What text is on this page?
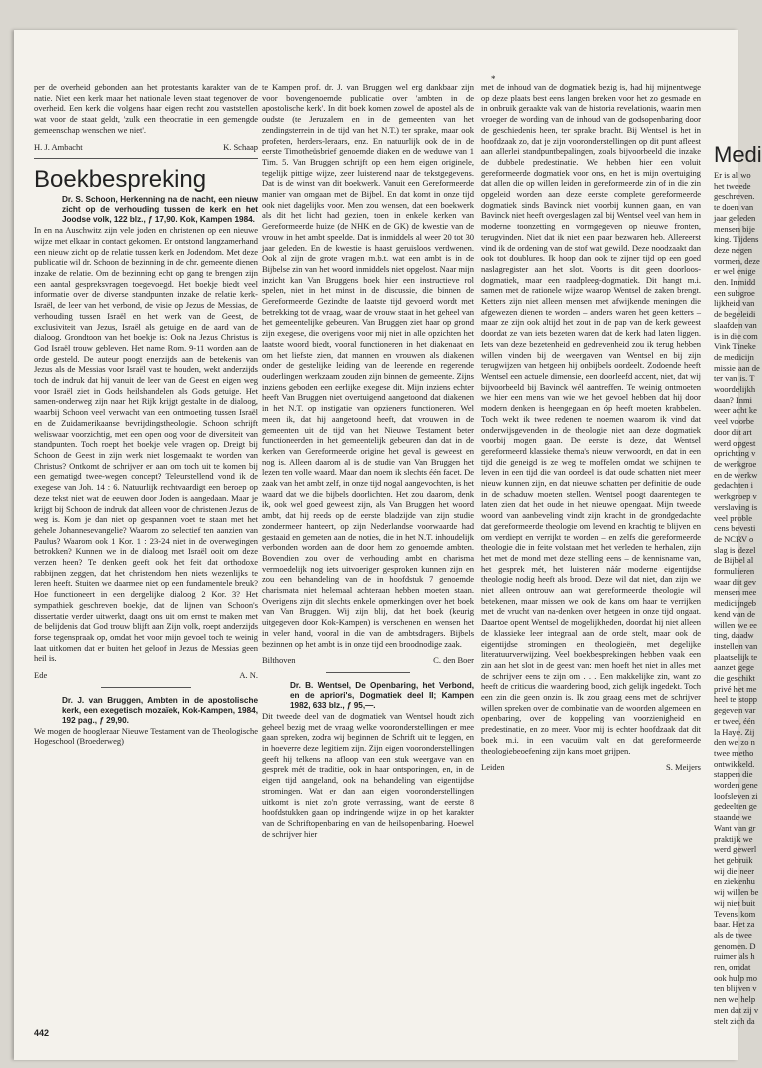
*

per de overheid gebonden aan het protestants karakter van de natie. Niet een kerk maar het nationale leven staat tegenover de overheid. Een kerk die volgens haar eigen recht zou vaststellen wat voor de staat geldt, 'zulk een theocratie in een gemengde gemeenschap wenschen we niet'.

H. J. Ambacht	K. Schaap
Boekbespreking

Dr. S. Schoon, Herkenning na de nacht, een nieuw zicht op de verhouding tussen de kerk en het Joodse volk, 122 blz., ƒ 17,90. Kok, Kampen 1984.

In en na Auschwitz zijn vele joden en christenen op een nieuwe wijze met elkaar in contact gekomen. Er ontstond langzamerhand een nieuw zicht op de relatie tussen kerk en Jodendom. Met deze publicatie wil dr. Schoon de bezinning in de chr. gemeente dienen inzake de relatie. Om de bezinning echt op gang te brengen zijn een aantal gespreksvragen toegevoegd. Het boekje biedt veel informatie over de diverse standpunten inzake de relatie kerk-Israël, de leer van het verbond, de visie op Jezus de Messias, de verhouding tussen Israël en het werk van de Geest, de exclusiviteit van Jezus, Israël als getuige en de aard van de dialoog. Grondtoon van het boekje is: Ook na Jezus Christus is God Israël trouw gebleven. Het name Rom. 9-11 worden aan de orde gesteld. De auteur poogt enerzijds aan de betekenis van Jezus als de Messias voor Israël vast te houden, wekt anderzijds toch de indruk dat hij vanuit de leer van de Geest en eigen weg voor Israël ziet in Gods heilshandelen als Gods getuige. Het samen-onderweg zijn naar het Rijk krijgt gestalte in de dialoog, waarbij Schoon veel verwacht van een ontmoeting tussen Israël en de Zuidamerikaanse bevrijdingstheologie. Schoon schrijft weliswaar voorzichtig, met een open oog voor de diversiteit van standpunten. Toch roept het boekje vele vragen op. Dreigt bij Schoon de Geest in zijn werk niet losgemaakt te worden van Christus? Ontkomt de schrijver er aan om toch uit te komen bij een gematigd twee-wegen concept? Teleurstellend vond ik de exegese van Joh. 14 : 6. Natuurlijk rechtvaardigt een beroep op deze tekst niet wat de eeuwen door Joden is aangedaan. Maar je krijgt bij Schoon de indruk dat alleen voor de christenen Jezus de weg is. Kom je dan niet op gespannen voet te staan met het gehele Johannesevangelie? Waarom zo selectief ten aanzien van Paulus? Waarom ook 1 Kor. 1 : 23-24 niet in de overwegingen betrokken? Kunnen we in de dialoog met Israël ooit om deze verzen heen? Te denken geeft ook het feit dat orthodoxe rabbijnen zeggen, dat het christendom hen niets wezenlijks te leren heeft. Stuiten we daarmee niet op een fundamentele breuk? Hoe functioneert in een dergelijke dialoog 2 Kor. 3? Het sympathiek geschreven boekje, dat de lijnen van Schoon's dissertatie verder uitwerkt, daagt ons uit om ernst te maken met de belijdenis dat God trouw blijft aan Zijn volk, roept anderzijds forse tegenspraak op, omdat het voor mijn gevoel toch te weinig laat uitkomen dat er buiten het geloof in Jezus de Messias geen heil is.

Ede	A. N.

Dr. J. van Bruggen, Ambten in de apostolische kerk, een exegetisch mozaïek, Kok-Kampen, 1984, 192 pag., ƒ 29,90.

We mogen de hoogleraar Nieuwe Testament van de Theologische Hogeschool (Broederweg)

te Kampen prof. dr. J. van Bruggen wel erg dankbaar zijn voor bovengenoemde publicatie over 'ambten in de apostolische kerk'. In dit boek komen zowel de apostel als de oudste (te Jeruzalem en in de gemeenten van het zendingsterrein in de tijd van het N.T.) ter sprake, maar ook profeten, herders-leraars, enz. En natuurlijk ook de in de eerste Timotheüsbrief genoemde diaken en de weduwe van 1 Tim. 5. Van Bruggen schrijft op een hem eigen originele, tegelijk pittige wijze, zeer luisterend naar de tekstgegevens. Dat is de winst van dit boekwerk. Vanuit een Gereformeerde manier van omgaan met de Bijbel. En dat komt in onze tijd ook niet dagelijks voor. Men zou wensen, dat een boekwerk als dit het licht had gezien, toen in enkele kerken van Gereformeerde huize (de NHK en de GK) de kwestie van de vrouw in het ambt speelde. Dat is inmiddels al weer 20 tot 30 jaar geleden. En de kwestie is haast geruisloos verdwenen. Ook al zijn de grote vragen m.b.t. wat een ambt is in de Bijbelse zin van het woord inmiddels niet opgelost. Naar mijn inzicht kan Van Bruggens boek hier een instructieve rol spelen, niet in het minst in de discussie, die binnen de Gereformeerde Gezindte de laatste tijd gevoerd wordt met betrekking tot de vraag, waar de vrouw staat in het geheel van het gemeentelijke gebeuren. Van Bruggen ziet haar op grond zijn exegese, die overigens voor mij niet in alle opzichten het laatste woord biedt, vooral functioneren in het diakenaat en om het liefste zien, dat mannen en vrouwen als diakenen onder de gestelijke leiding van de leerende en regerende ouderlingen werkzaam zouden zijn binnen de gemeente. Zijns inziens geboden een eerlijke exegese dit. Mijn inziens echter heeft Van Bruggen niet overtuigend aangetoond dat diakenen in het N.T. op instigatie van opzieners functioneren. Wel meen ik, dat hij aangetoond heeft, dat vrouwen in de gemeenten uit de tijd van het Nieuwe Testament beter functioneerden in het gemeentelijk gebeuren dan dat in de kerken van Gereformeerde origine het geval is geweest en nog is. Alleen daarom al is de studie van Van Bruggen het lezen ten volle waard. Maar dan noem ik slechts één facet. De zaak van het ambt zelf, in onze tijd nogal aangevochten, is het waard dat we die bijbels doorlichten. Het zou daarom, denk ik, ook wel goed geweest zijn, als Van Bruggen het woord ambt, dat hij reeds op de eerste bladzijde van zijn studie zondermeer hanteert, op zijn Nederlandse voorwaarde had gestaaid en gemeten aan de noties, die in het N.T. inhoudelijk verbonden worden aan de door hem zo genoemde ambten. Bovendien zou over de verhouding ambt en charisma vermoedelijk nog iets uitvoeriger gesproken kunnen zijn en zou een behandeling van de in hoofdstuk 7 genoemde charismata niet helemaal achteraan hebben moeten staan. Overigens zijn dit slechts enkele opmerkingen over het boek van Van Bruggen. Wij zijn blij, dat het boek (keurig uitgegeven door Kok-Kampen) is verschenen en wensen het in veler hand, vooral in die van de ambtsdragers. Bijbels bezinnen op het ambt is in onze tijd een broodnodige zaak.

Bilthoven	C. den Boer

Dr. B. Wentsel, De Openbaring, het Verbond, en de apriori's, Dogmatiek deel II; Kampen 1982, 633 blz., ƒ 95,—.

Dit tweede deel van de dogmatiek van Wentsel houdt zich geheel bezig met de vraag welke vooronderstellingen er mee gaan spreken, zodra wij beginnen de Schrift uit te leggen, en in hoeverre deze legitiem zijn. Zijn eigen vooronderstellingen geeft hij telkens na afloop van een stuk weergave van en gesprek mét de traditie, ook in haar ontsporingen, en, in de eigen tijd aangeland, ook na behandeling van eigentijdse stromingen. Wat er dan aan eigen vooronderstellingen uitkomt is niet zo'n grote verrassing, want de eerste 8 hoofdstukken gaan op indringende wijze in op het karakter van de Schriftopenbaring en van de heilsopenbaring. Hoewel de schrijver hier

met de inhoud van de dogmatiek bezig is, had hij mijnentwege op deze plaats best eens langen breken voor het zo gesmade en in onbruik geraakte vak van de historia revelationis, waarin men vroeger de wording van de inhoud van de godsopenbaring door de geschiedenis heen, ter sprake bracht. Bij Wentsel is het in hoofdzaak zo, dat je zijn vooronderstellingen op dit punt afleest aan allerlei standpuntbepalingen, zoals bijvoorbeeld die inzake de dubbele predestinatie. We hebben hier een voluit gereformeerde dogmatiek voor ons, en het is mijn overtuiging dat allen die op willen leiden in gereformeerde zin of in die zin opgeleid worden aan deze eerste complete gereformeerde dogmatiek sinds Bavinck niet voorbij kunnen gaan, en van Bavinck niet heeft overgeslagen zal bij Wentsel veel van hem in moderne toonzetting en vormgegeven op nieuwe fronten, terugvinden. Niet dat ik niet een paar bezwaren heb. Allereerst vind ik de ordening van de stof wat gewild. Deze noodzaakt dan ook tot doublures. Ik hoop dan ook te zijner tijd op een goed naslagregister aan het slot. Voorts is dit geen doorloos-dogmatiek, maar een raadpleeg-dogmatiek. Dit hangt m.i. samen met de rationele wijze waarop Wentsel de zaken brengt. Ketters zijn niet alleen mensen met afwijkende meningen die afgewezen dienen te worden – anders waren het geen ketters – maar ze zijn ook altijd het zout in de pap van de kerk geweest doordat ze van iets bezeten waren dat de kerk had laten liggen. Iets van deze bezetenheid en gedrevenheid zou ik terug hebben willen vinden bij de weergaven van Wentsel en bij zijn terugwijzen van hetgeen hij onbijbels oordeelt. Zodoende heeft Wentsel een actuele dimensie, een doorleefd accent, niet, dat wij bijvoorbeeld bij Bavinck wél aantreffen. Te weinig ontmoeten we hier een mens van wie we het gevoel hebben dat hij door modern denken is heengegaan en óp heeft moeten krabbelen. Toch wekt ik twee redenen te noemen waarom ik vind dat onderwijsgevenden in de theologie niet aan deze dogmatiek voorbij mogen gaan. De eerste is deze, dat Wentsel gereformeerd klassieke thema's nieuw verwoordt, en dat in een tijd die geneigd is ze weg te moffelen omdat we schijnen te leven in een tijd die van oordeel is dat oude schatten niet meer nieuw kunnen zijn, en dat nieuwe schatten per definitie de oude in de schaduw moeten stellen. Wentsel poogt daarentegen te laten zien dat het oude in het nieuwe opengaat. Mijn tweede woord van aanbeveling vindt zijn kracht in de grondgedachte dat gereformeerde theologie om levend en krachtig te blijven en om verdiept en verrijkt te worden – en zelfs die gereformeerde theologie die in feite volstaan met het verleden te herhalen, zijn het met de mond met deze stelling eens – de kennisname van, het gesprek mét, het luisteren náár moderne eigentijdse theologie nodig heeft als brood. Deze wil dat niet, dan zijn we niet alleen ontrouw aan wat gereformeerde theologie wil betekenen, maar missen we ook de kans om haar te verrijken met de vrucht van na-denken over hetgeen in onze tijd ongaat. Daartoe opent Wentsel de mogelijkheden, doordat hij niet alleen de klassieke leer integraal aan de orde stelt, maar ook de eigentijdse stromingen en theologieën, met degelijke literatuurverwijzing. Veel boekbesprekingen hebben vaak een zin aan het slot in de geest van: men hoeft het niet in alles met de schrijver eens te zijn om . . . Een makkelijke zin, want zo heeft de criticus die waardering bood, zich gelijk ingedekt. Toch een zin die geen onzin is. Ik zou graag eens met de schrijver willen spreken over de combinatie van de woorden algemeen en openbaring, over de koppeling van voorzienigheid en predestinatie, en zo meer. Voor mij is echter hoofdzaak dat dit boek m.i. in een vacuüm valt en dat gereformeerde theologiebeoefening zijn kans moet grijpen.

Leiden	S. Meijers
Medi
Er is al wo
het tweede
geschreven.
te doen van
jaar geleden
mensen bije
king. Tijdens
deze negen
vormen, deze
er wel enige
den. Inmidd
een subgroe
lijkheid van
de begeleidi
slaafden van
is in die com
Vink Tineke
de medicijn
missie aan de
ter van is. T
woordelijkh
daan? Inmi
weer acht ke
veel voorbe
door dit art
werd opgest
oprichting v
de werkgroe
en de werkw
gedachten i
werkgroep v
verslaving is
veel proble
cens bevesti
de NCRV o
slag is dezel
de Bijbel al
formulieren
waar dit gev
mensen mee
medicijngeb
kend van de
willen we ee
ting, daadw
instellen van
plaatselijk te
aanzet gege
die geschikt
privé het me
heel te stopp
gegeven var
er twee, één
la Haye. Zij
den we zo n
twee metho
ontwikkeld.
stappen die
worden gene
loofsleven zi
gedeelten ge
staande we
Want van gr
praktijk we
werd gewerl
het gebruik
wij die neer
en ziekenhu
wij willen be
wij niet buit
Tevens kom
baar. Het za
als de twee
genomen. D
ruimer als h
ren, omdat
ook hulp mo
ten blijven v
nen we help
men dat zij v
stelt zich da
442
